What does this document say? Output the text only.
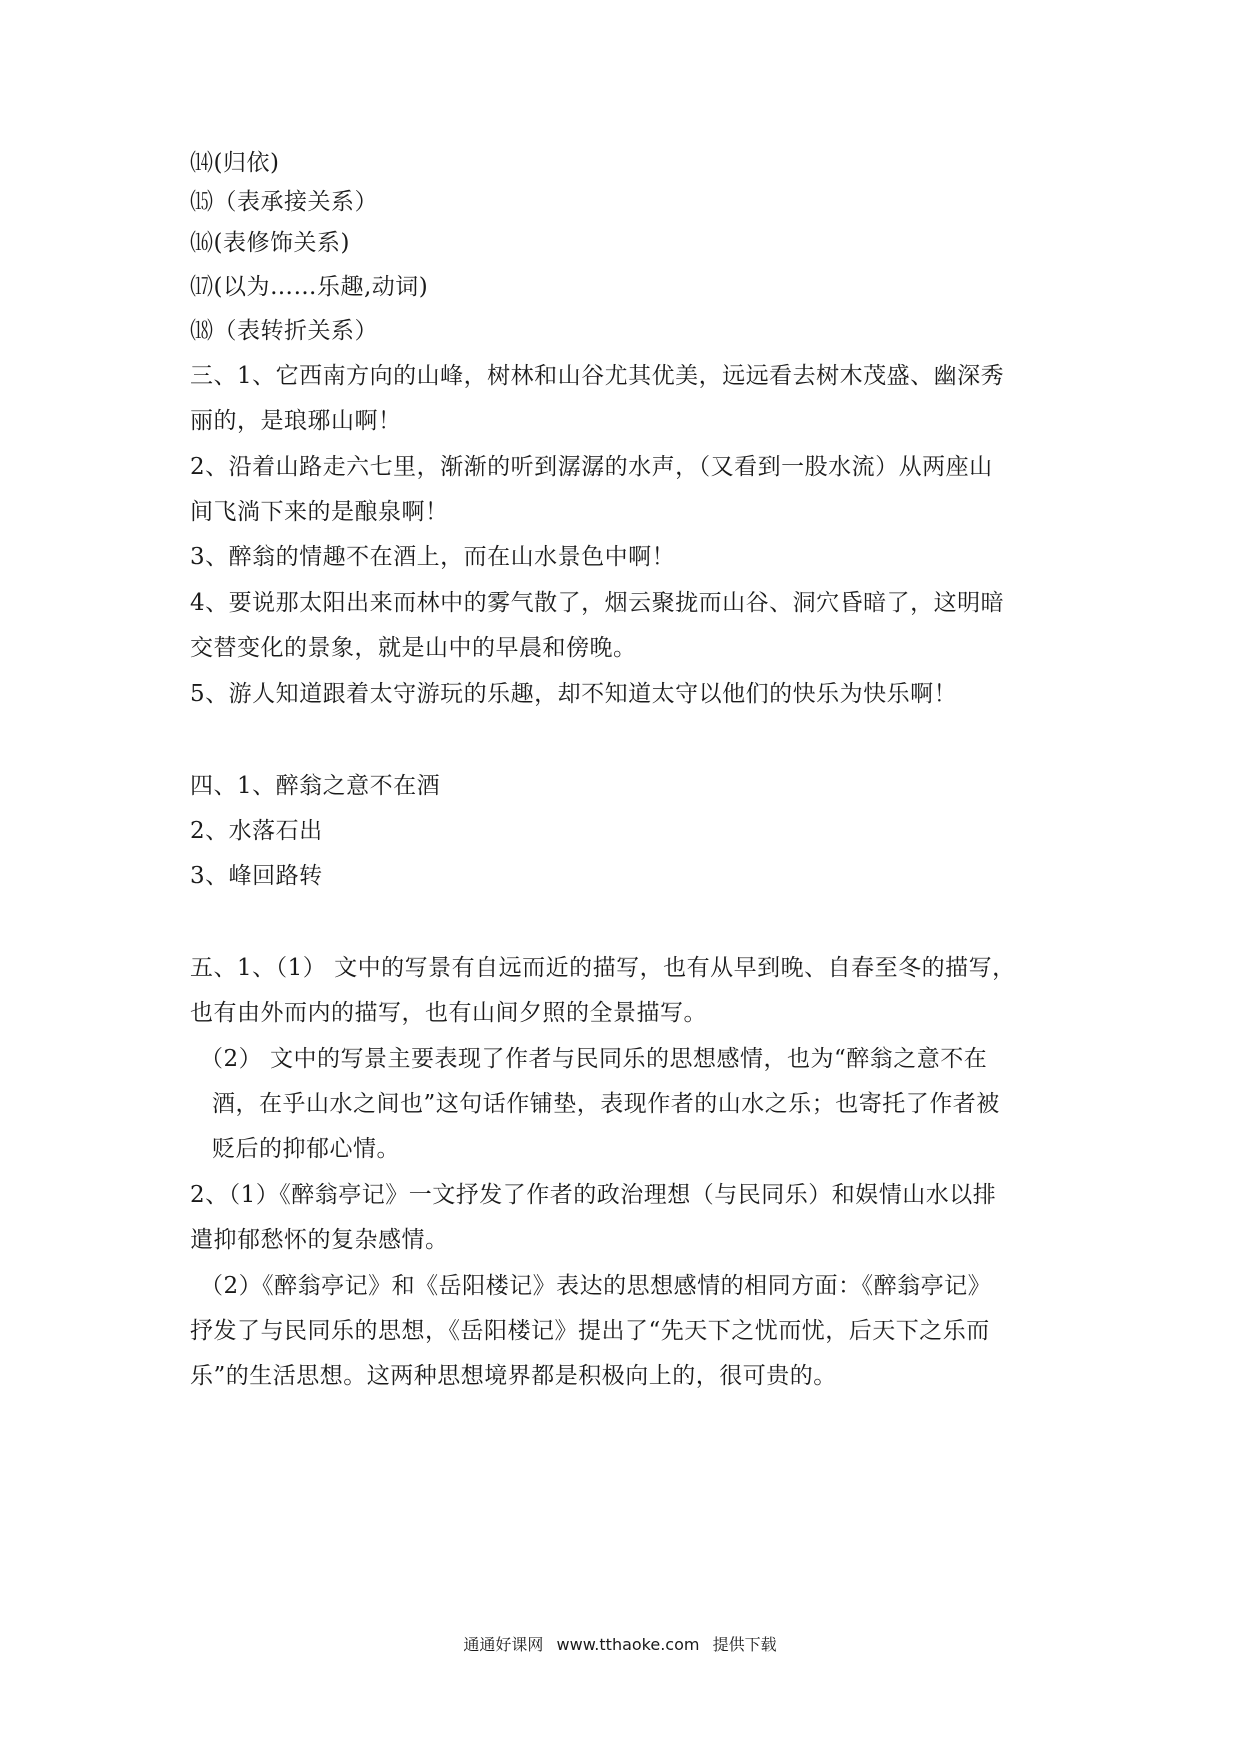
⒁(归依)
⒂（表承接关系）
⒃(表修饰关系)
⒄(以为……乐趣,动词)
⒅（表转折关系）
三、1、它西南方向的山峰，树林和山谷尤其优美，远远看去树木茂盛、幽深秀
丽的，是琅琊山啊！
2、沿着山路走六七里，渐渐的听到潺潺的水声，（又看到一股水流）从两座山
间飞淌下来的是酿泉啊！
3、醉翁的情趣不在酒上，而在山水景色中啊！
4、要说那太阳出来而林中的雾气散了，烟云聚拢而山谷、洞穴昏暗了，这明暗
交替变化的景象，就是山中的早晨和傍晚。
5、游人知道跟着太守游玩的乐趣，却不知道太守以他们的快乐为快乐啊！
四、1、醉翁之意不在酒
2、水落石出
3、峰回路转
五、1、（1） 文中的写景有自远而近的描写，也有从早到晚、自春至冬的描写，
也有由外而内的描写，也有山间夕照的全景描写。
（2） 文中的写景主要表现了作者与民同乐的思想感情，也为“醉翁之意不在
酒，在乎山水之间也”这句话作铺垫，表现作者的山水之乐；也寄托了作者被
贬后的抑郁心情。
2、（1）《醉翁亭记》一文抒发了作者的政治理想（与民同乐）和娱情山水以排
遣抑郁愁怀的复杂感情。
（2）《醉翁亭记》和《岳阳楼记》表达的思想感情的相同方面：《醉翁亭记》
抒发了与民同乐的思想，《岳阳楼记》提出了“先天下之忧而忧，后天下之乐而
乐”的生活思想。这两种思想境界都是积极向上的，很可贵的。
通通好课网 www.tthaoke.com 提供下载
